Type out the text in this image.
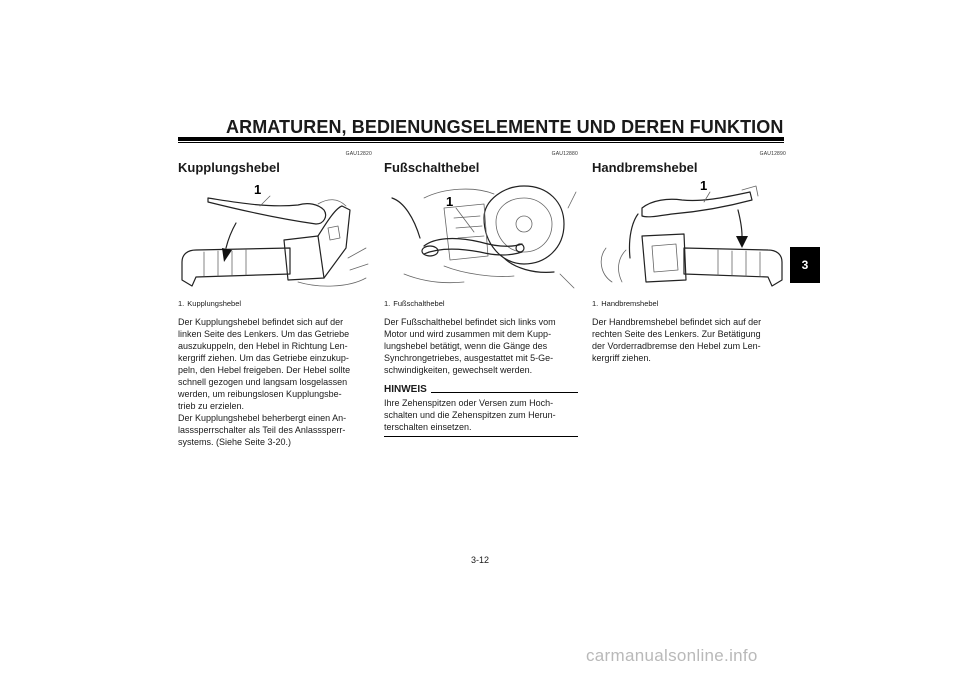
ARMATUREN, BEDIENUNGSELEMENTE UND DEREN FUNKTION
3
GAU12820
Kupplungshebel
1
1. Kupplungshebel
Der Kupplungshebel befindet sich auf der
linken Seite des Lenkers. Um das Getriebe
auszukuppeln, den Hebel in Richtung Len-
kergriff ziehen. Um das Getriebe einzukup-
peln, den Hebel freigeben. Der Hebel sollte
schnell gezogen und langsam losgelassen
werden, um reibungslosen Kupplungsbe-
trieb zu erzielen.
Der Kupplungshebel beherbergt einen An-
lasssperrschalter als Teil des Anlasssperr-
systems. (Siehe Seite 3-20.)
GAU12880
Fußschalthebel
1
1. Fußschalthebel
Der Fußschalthebel befindet sich links vom
Motor und wird zusammen mit dem Kupp-
lungshebel betätigt, wenn die Gänge des
Synchrongetriebes, ausgestattet mit 5-Ge-
schwindigkeiten, gewechselt werden.
HINWEIS
Ihre Zehenspitzen oder Versen zum Hoch-
schalten und die Zehenspitzen zum Herun-
terschalten einsetzen.
GAU12890
Handbremshebel
1
1. Handbremshebel
Der Handbremshebel befindet sich auf der
rechten Seite des Lenkers. Zur Betätigung
der Vorderradbremse den Hebel zum Len-
kergriff ziehen.
3-12
carmanualsonline.info
